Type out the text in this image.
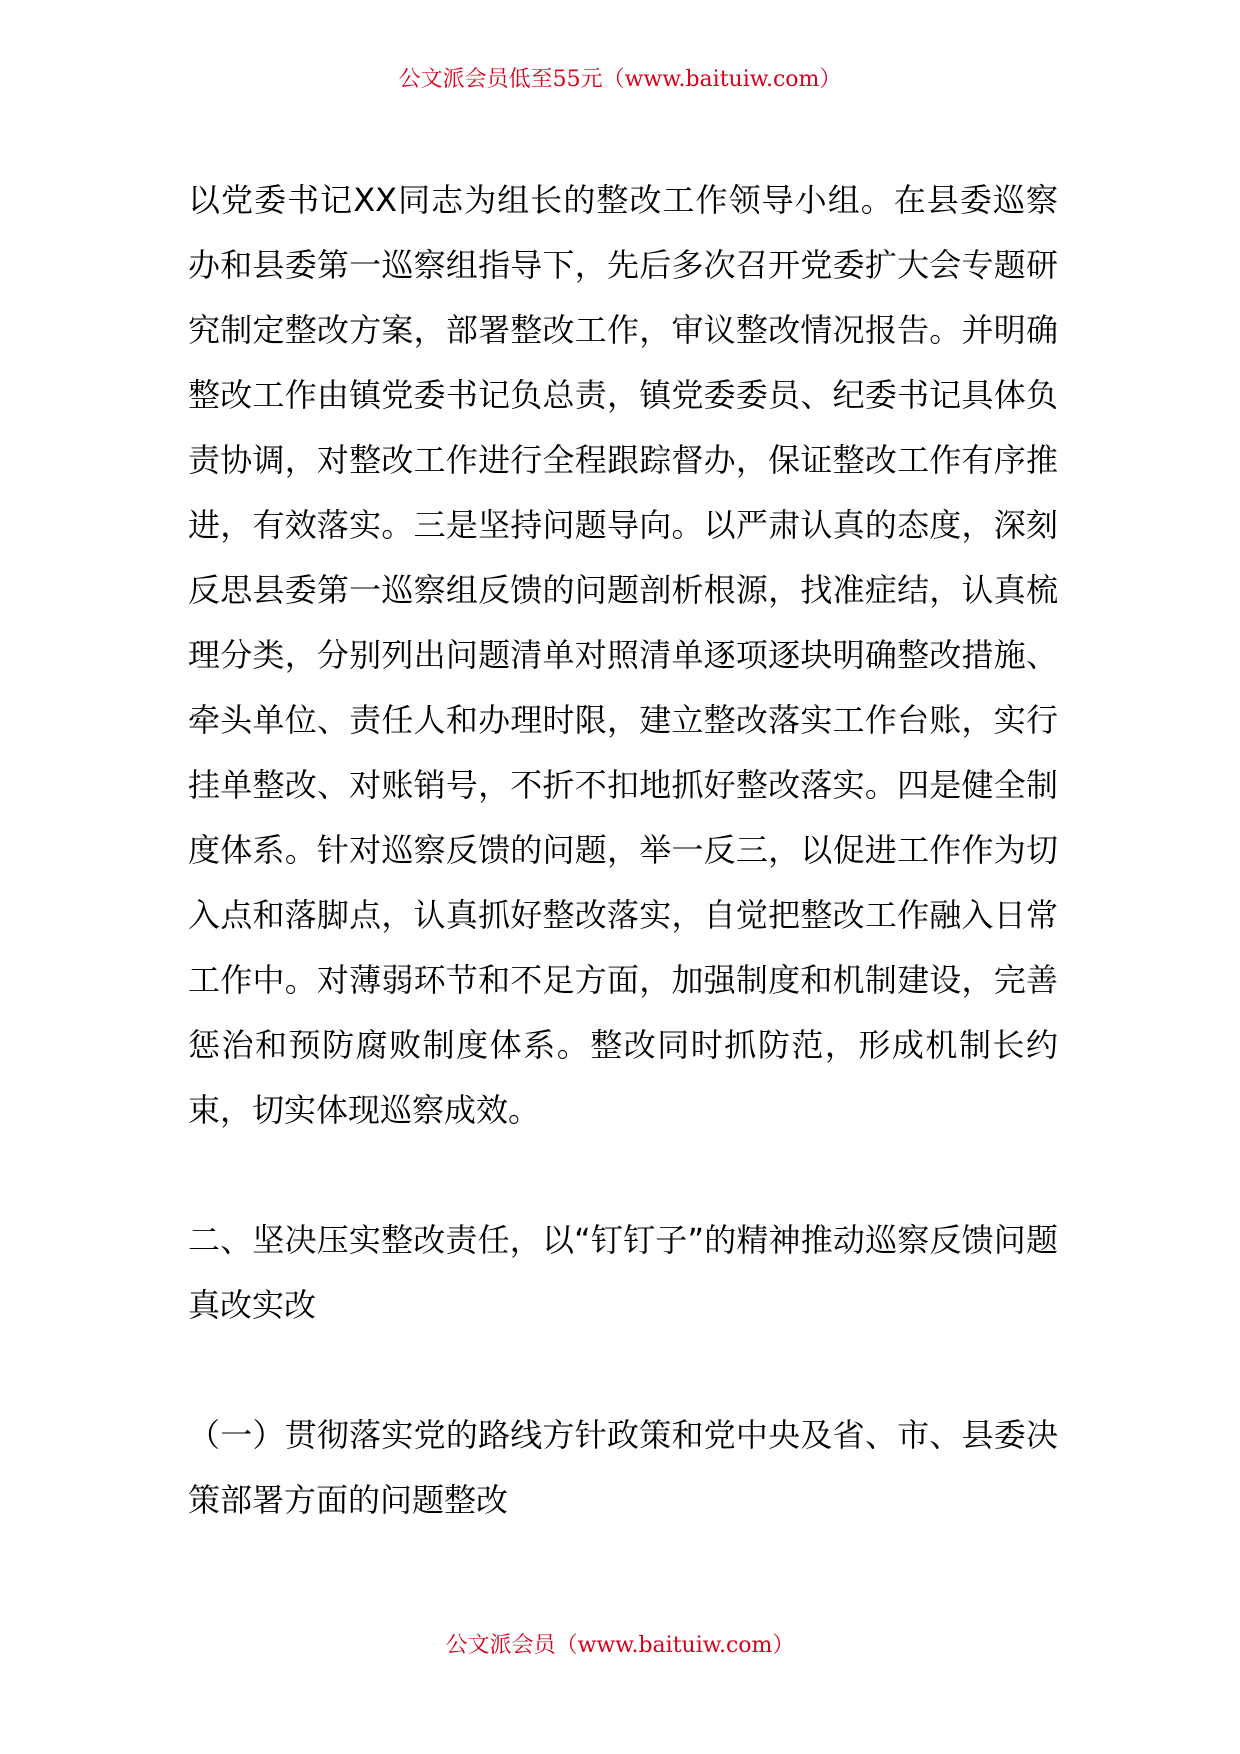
公文派会员低至55元（www.baituiw.com）

以党委书记XX同志为组长的整改工作领导小组。在县委巡察办和县委第一巡察组指导下，先后多次召开党委扩大会专题研究制定整改方案，部署整改工作，审议整改情况报告。并明确整改工作由镇党委书记负总责，镇党委委员、纪委书记具体负责协调，对整改工作进行全程跟踪督办，保证整改工作有序推进，有效落实。三是坚持问题导向。以严肃认真的态度，深刻反思县委第一巡察组反馈的问题剖析根源，找准症结，认真梳理分类，分别列出问题清单对照清单逐项逐块明确整改措施、牵头单位、责任人和办理时限，建立整改落实工作台账，实行挂单整改、对账销号，不折不扣地抓好整改落实。四是健全制度体系。针对巡察反馈的问题，举一反三，以促进工作作为切入点和落脚点，认真抓好整改落实，自觉把整改工作融入日常工作中。对薄弱环节和不足方面，加强制度和机制建设，完善惩治和预防腐败制度体系。整改同时抓防范，形成机制长约束，切实体现巡察成效。

二、坚决压实整改责任，以“钉钉子”的精神推动巡察反馈问题真改实改

（一）贯彻落实党的路线方针政策和党中央及省、市、县委决策部署方面的问题整改

公文派会员（www.baituiw.com）
